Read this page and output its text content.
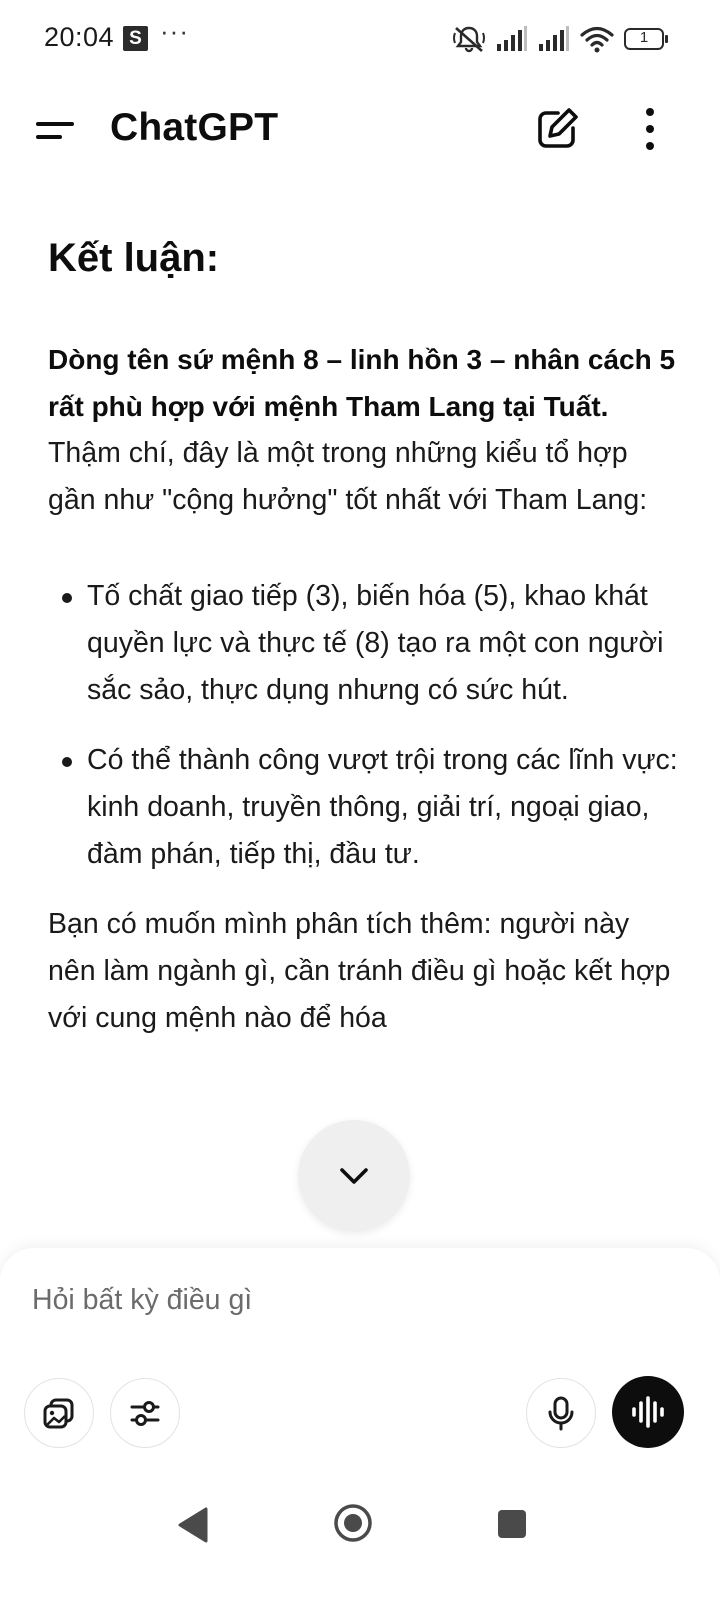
20:04 S ···	1
ChatGPT
Kết luận:

Dòng tên sứ mệnh 8 – linh hồn 3 – nhân cách 5 rất phù hợp với mệnh Tham Lang tại Tuất.

Thậm chí, đây là một trong những kiểu tổ hợp gần như "cộng hưởng" tốt nhất với Tham Lang:

Tố chất giao tiếp (3), biến hóa (5), khao khát quyền lực và thực tế (8) tạo ra một con người sắc sảo, thực dụng nhưng có sức hút.
Có thể thành công vượt trội trong các lĩnh vực: kinh doanh, truyền thông, giải trí, ngoại giao, đàm phán, tiếp thị, đầu tư.

Bạn có muốn mình phân tích thêm: người này nên làm ngành gì, cần tránh điều gì hoặc kết hợp với cung mệnh nào để hóa

Hỏi bất kỳ điều gì
